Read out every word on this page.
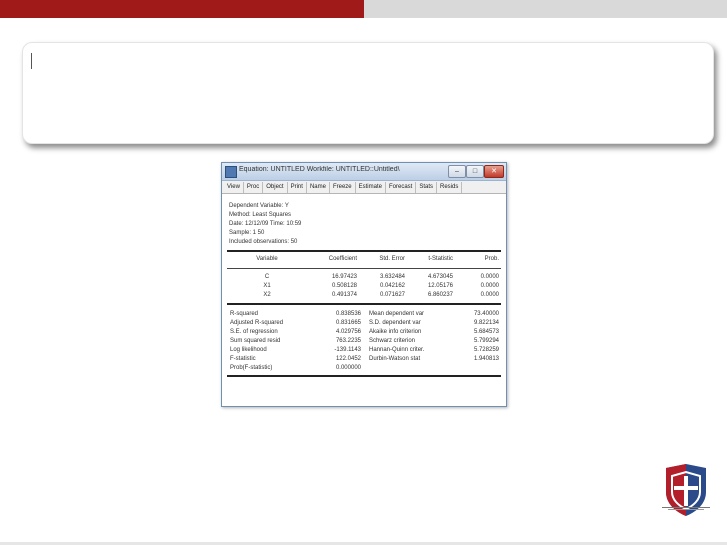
Equation: UNTITLED Workfile: UNTITLED::Untitled\	–	□	✕
View	Proc	Object	Print	Name	Freeze	Estimate	Forecast	Stats	Resids
Dependent Variable: Y
Method: Least Squares
Date: 12/12/09 Time: 10:59
Sample: 1 50
Included observations: 50
Variable	Coefficient	Std. Error	t-Statistic	Prob.
C	16.97423	3.632484	4.673045	0.0000
X1	0.508128	0.042162	12.05176	0.0000
X2	0.491374	0.071627	6.860237	0.0000
R-squared	0.838536 Mean dependent var	73.40000
Adjusted R-squared	0.831665 S.D. dependent var	9.822134
S.E. of regression	4.029756 Akaike info criterion	5.684573
Sum squared resid	763.2235 Schwarz criterion	5.799294
Log likelihood	-139.1143 Hannan-Quinn criter.	5.728259
F-statistic	122.0452 Durbin-Watson stat	1.940813
Prob(F-statistic)	0.000000
